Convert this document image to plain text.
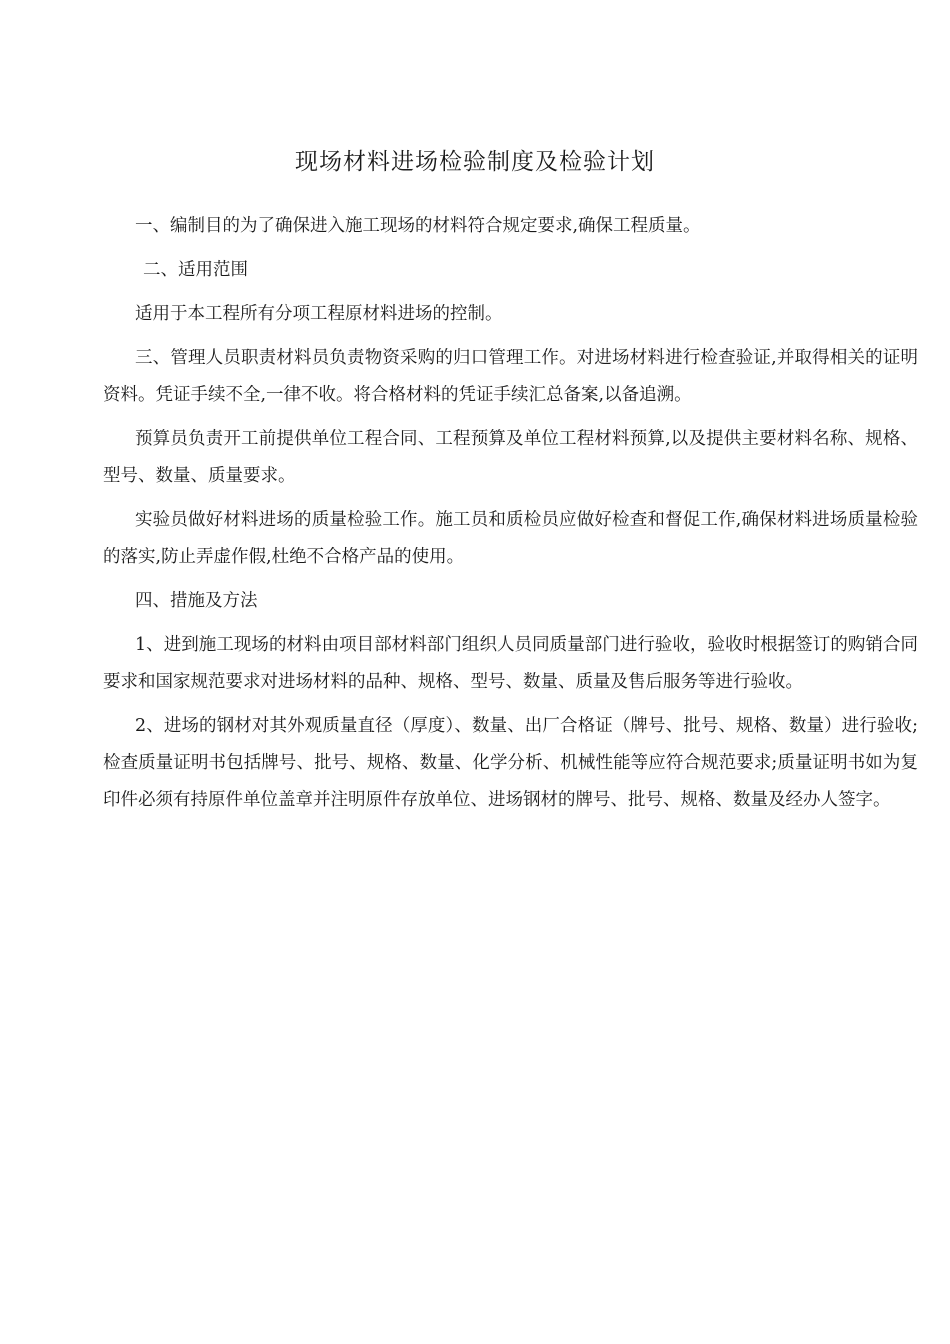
现场材料进场检验制度及检验计划

一、编制目的为了确保进入施工现场的材料符合规定要求,确保工程质量。

二、适用范围

适用于本工程所有分项工程原材料进场的控制。

三、管理人员职责材料员负责物资采购的归口管理工作。对进场材料进行检查验证,并取得相关的证明资料。凭证手续不全,一律不收。将合格材料的凭证手续汇总备案,以备追溯。

预算员负责开工前提供单位工程合同、工程预算及单位工程材料预算,以及提供主要材料名称、规格、型号、数量、质量要求。

实验员做好材料进场的质量检验工作。施工员和质检员应做好检查和督促工作,确保材料进场质量检验的落实,防止弄虚作假,杜绝不合格产品的使用。

四、措施及方法

1、进到施工现场的材料由项目部材料部门组织人员同质量部门进行验收，验收时根据签订的购销合同要求和国家规范要求对进场材料的品种、规格、型号、数量、质量及售后服务等进行验收。

2、进场的钢材对其外观质量直径（厚度）、数量、出厂合格证（牌号、批号、规格、数量）进行验收;检查质量证明书包括牌号、批号、规格、数量、化学分析、机械性能等应符合规范要求;质量证明书如为复印件必须有持原件单位盖章并注明原件存放单位、进场钢材的牌号、批号、规格、数量及经办人签字。
